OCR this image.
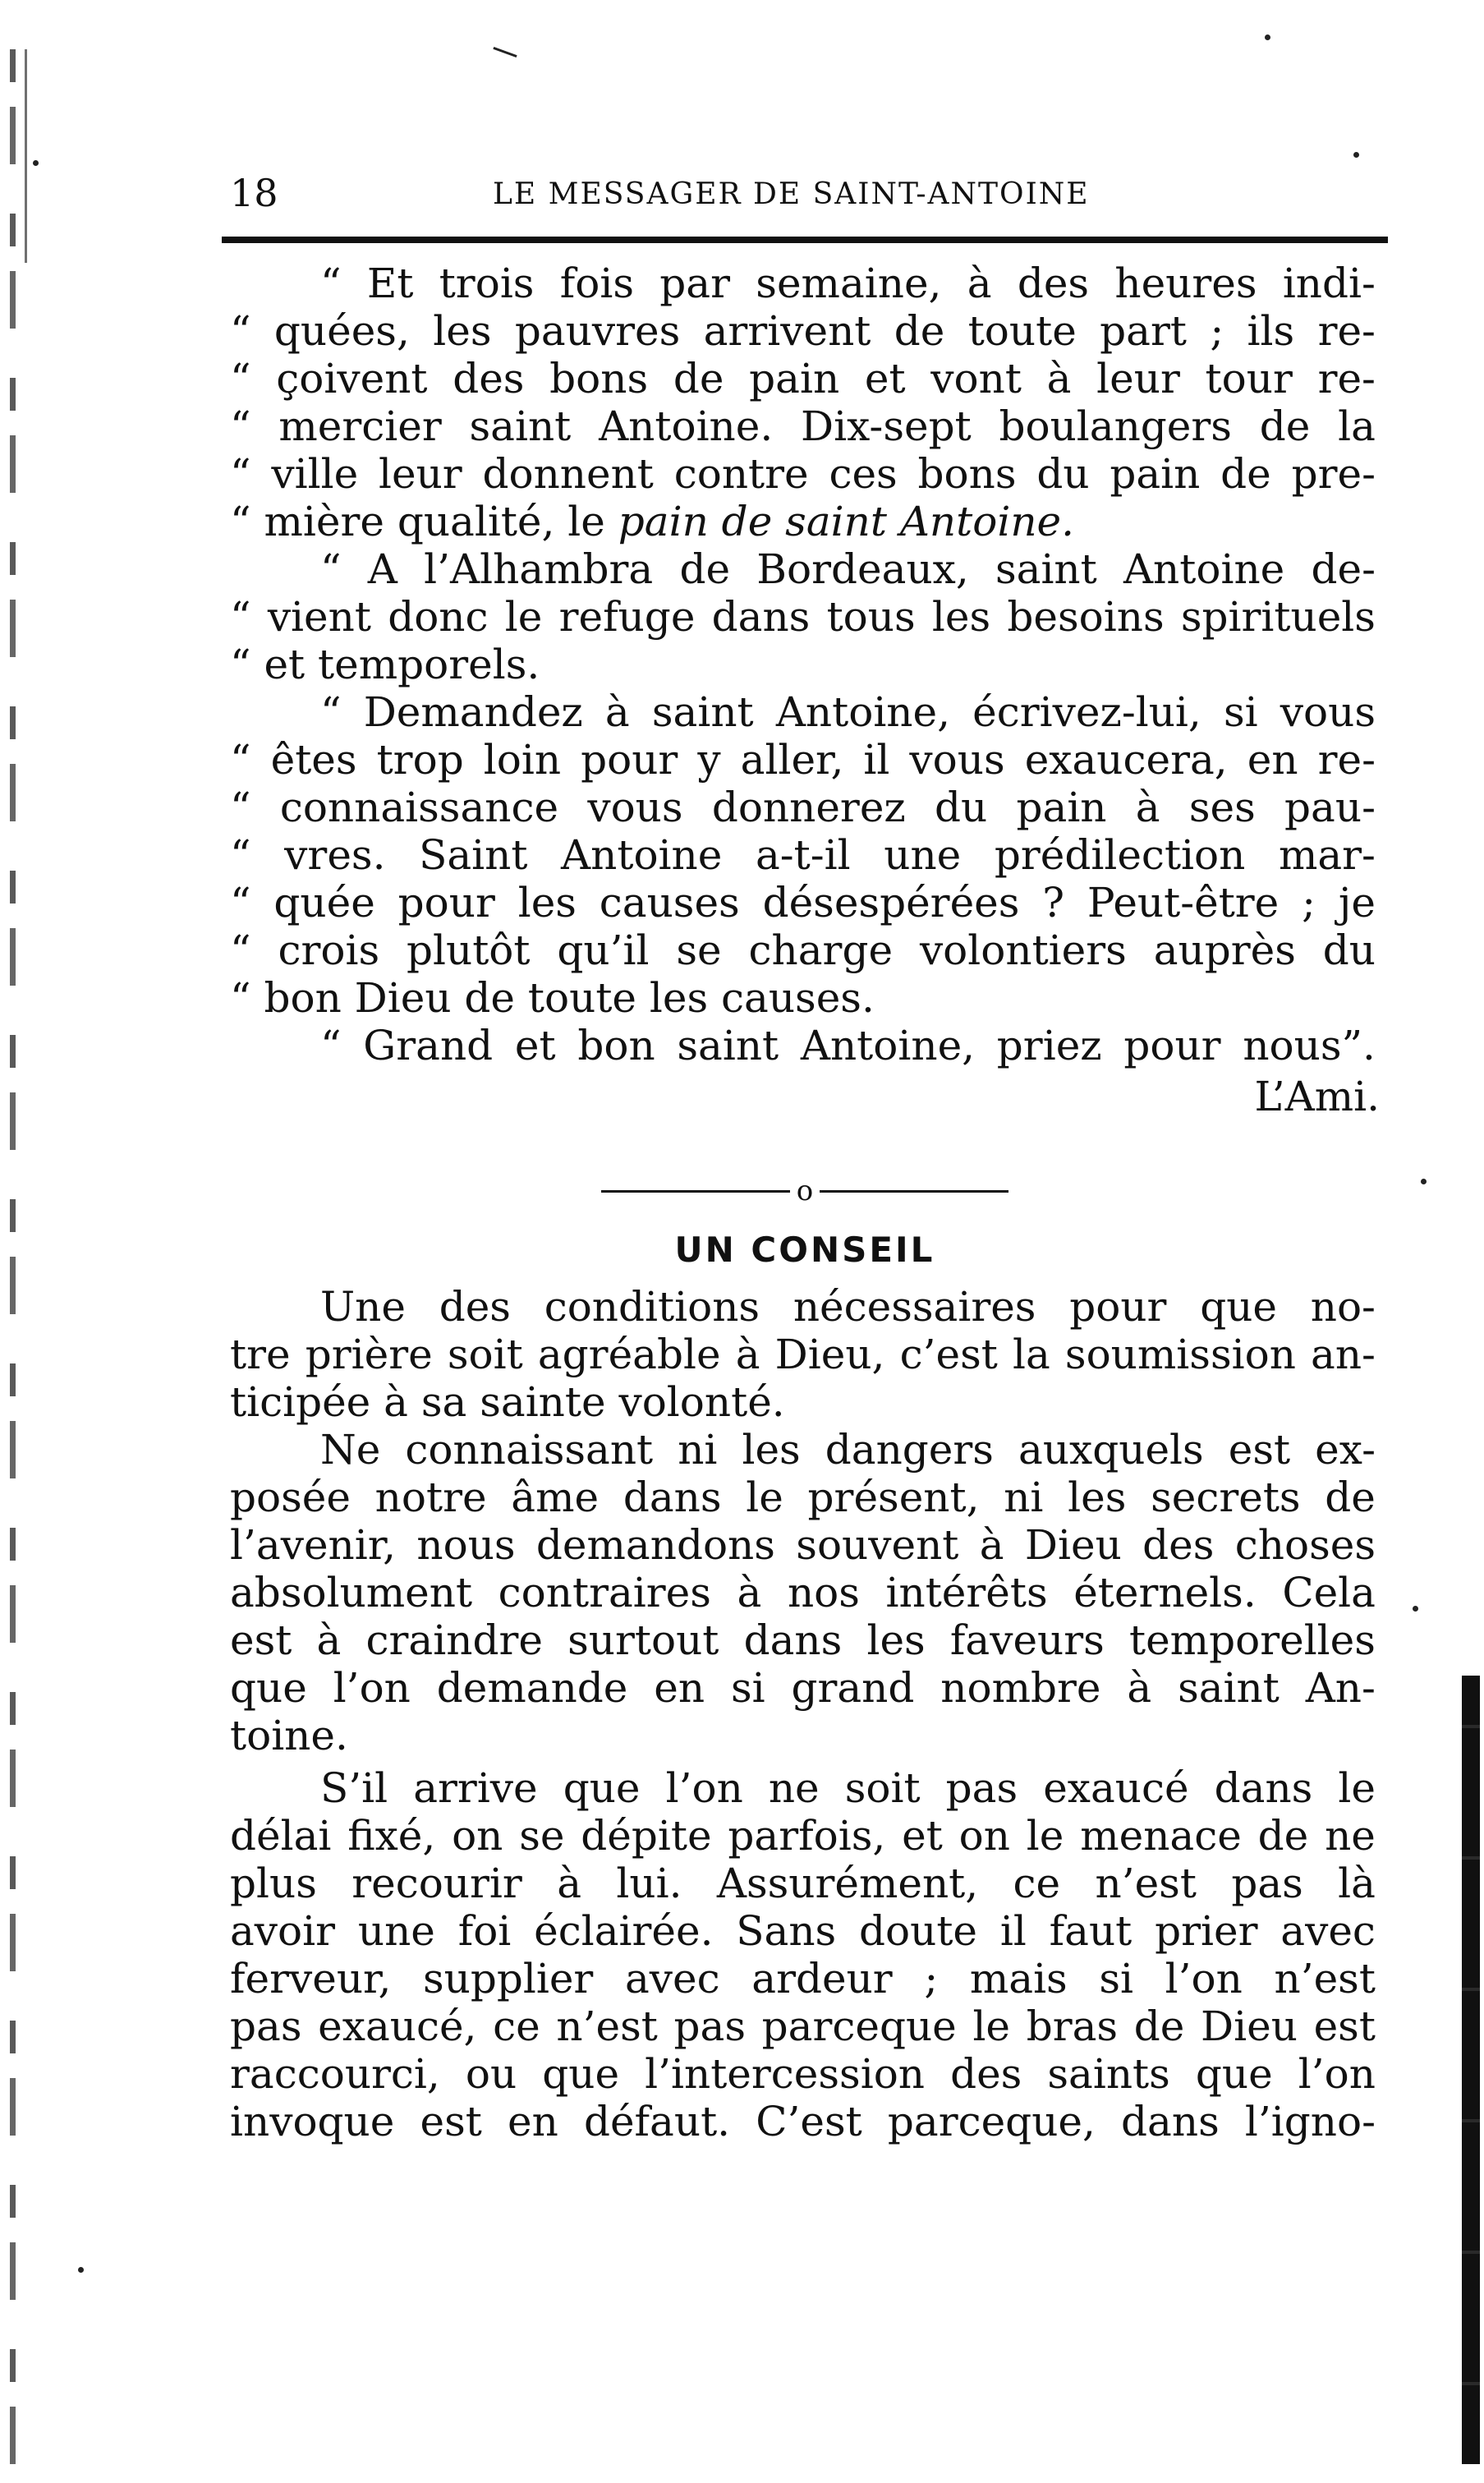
18	LE MESSAGER DE SAINT-ANTOINE
“ Et trois fois par semaine, à des heures indi-
“ quées, les pauvres arrivent de toute part ; ils re-
“ çoivent des bons de pain et vont à leur tour re-
“ mercier saint Antoine. Dix-sept boulangers de la
“ ville leur donnent contre ces bons du pain de pre-
“ mière qualité, le pain de saint Antoine.
“ A l’Alhambra de Bordeaux, saint Antoine de-
“ vient donc le refuge dans tous les besoins spirituels
“ et temporels.
“ Demandez à saint Antoine, écrivez-lui, si vous
“ êtes trop loin pour y aller, il vous exaucera, en re-
“ connaissance vous donnerez du pain à ses pau-
“ vres. Saint Antoine a-t-il une prédilection mar-
“ quée pour les causes désespérées ? Peut-être ; je
“ crois plutôt qu’il se charge volontiers auprès du
“ bon Dieu de toute les causes.
“ Grand et bon saint Antoine, priez pour nous”.
L’Ami.
o
UN CONSEIL
Une des conditions nécessaires pour que no-
tre prière soit agréable à Dieu, c’est la soumission an-
ticipée à sa sainte volonté.
Ne connaissant ni les dangers auxquels est ex-
posée notre âme dans le présent, ni les secrets de
l’avenir, nous demandons souvent à Dieu des choses
absolument contraires à nos intérêts éternels. Cela
est à craindre surtout dans les faveurs temporelles
que l’on demande en si grand nombre à saint An-
toine.
S’il arrive que l’on ne soit pas exaucé dans le
délai fixé, on se dépite parfois, et on le menace de ne
plus recourir à lui. Assurément, ce n’est pas là
avoir une foi éclairée. Sans doute il faut prier avec
ferveur, supplier avec ardeur ; mais si l’on n’est
pas exaucé, ce n’est pas parceque le bras de Dieu est
raccourci, ou que l’intercession des saints que l’on
invoque est en défaut. C’est parceque, dans l’igno-
